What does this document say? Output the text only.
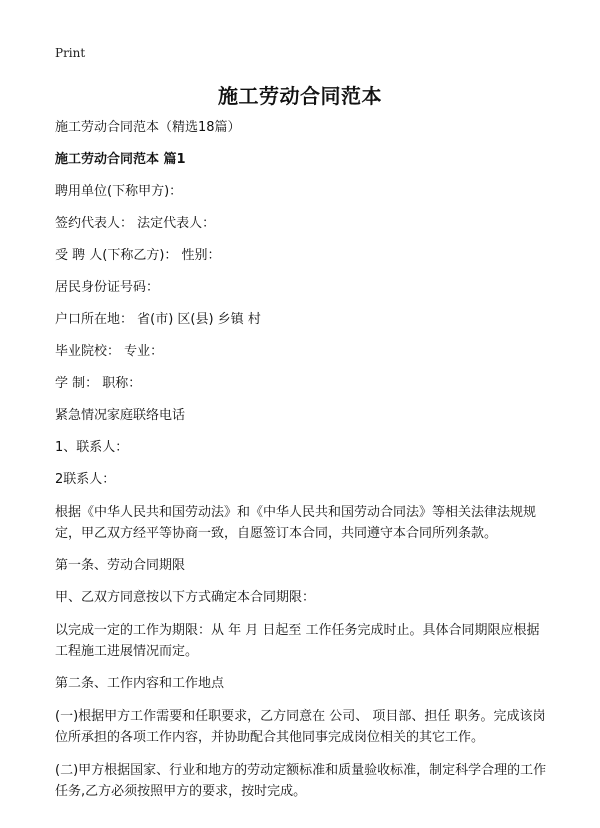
Print
施工劳动合同范本

施工劳动合同范本（精选18篇）

施工劳动合同范本 篇1

聘用单位(下称甲方)：

签约代表人： 法定代表人：

受 聘 人(下称乙方)： 性别：

居民身份证号码：

户口所在地： 省(市) 区(县) 乡镇 村

毕业院校： 专业：

学 制： 职称：

紧急情况家庭联络电话

1、联系人：

2联系人：

根据《中华人民共和国劳动法》和《中华人民共和国劳动合同法》等相关法律法规规定，甲乙双方经平等协商一致，自愿签订本合同，共同遵守本合同所列条款。

第一条、劳动合同期限

甲、乙双方同意按以下方式确定本合同期限：

以完成一定的工作为期限：从 年 月 日起至 工作任务完成时止。具体合同期限应根据工程施工进展情况而定。

第二条、工作内容和工作地点

(一)根据甲方工作需要和任职要求，乙方同意在 公司、 项目部、担任 职务。完成该岗位所承担的各项工作内容，并协助配合其他同事完成岗位相关的其它工作。

(二)甲方根据国家、行业和地方的劳动定额标准和质量验收标准，制定科学合理的工作任务,乙方必须按照甲方的要求，按时完成。
